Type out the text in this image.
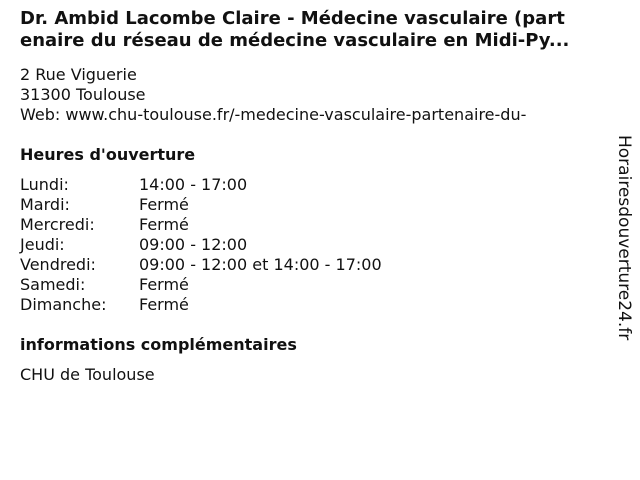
Dr. Ambid Lacombe Claire - Médecine vasculaire (part
enaire du réseau de médecine vasculaire en Midi-Py...
2 Rue Viguerie
31300 Toulouse
Web: www.chu-toulouse.fr/-medecine-vasculaire-partenaire-du-
Heures d'ouverture
Lundi:	14:00 - 17:00
Mardi:	Fermé
Mercredi:	Fermé
Jeudi:	09:00 - 12:00
Vendredi:	09:00 - 12:00 et 14:00 - 17:00
Samedi:	Fermé
Dimanche: Fermé
informations complémentaires
CHU de Toulouse
Horairesdouverture24.fr
